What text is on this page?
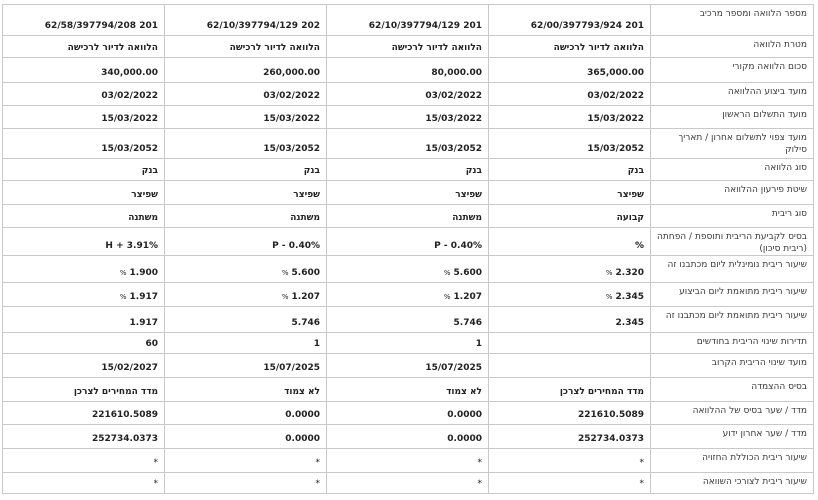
מספר הלוואה ומספר מרכיב	62/00/397793/924 201	62/10/397794/129 201	62/10/397794/129 202	62/58/397794/208 201

מטרת הלוואה	הלוואה לדיור לרכישה	הלוואה לדיור לרכישה	הלוואה לדיור לרכישה	הלוואה לדיור לרכישה

סכום הלוואה מקורי	365,000.00	80,000.00	260,000.00	340,000.00

מועד ביצוע ההלוואה	03/02/2022	03/02/2022	03/02/2022	03/02/2022

מועד התשלום הראשון	15/03/2022	15/03/2022	15/03/2022	15/03/2022

מועד צפוי לתשלום אחרון / תאריך סילוק	15/03/2052	15/03/2052	15/03/2052	15/03/2052

סוג הלוואה	בנק	בנק	בנק	בנק

שיטת פירעון ההלוואה	שפיצר	שפיצר	שפיצר	שפיצר

סוג ריבית	קבועה	משתנה	משתנה	משתנה

בסיס לקביעת הריבית ותוספת / הפחתה (ריבית סיכון)	%	P - 0.40%	P - 0.40%	H + 3.91%

שיעור ריבית נומינלית ליום מכתבנו זה	2.320%	5.600%	5.600%	1.900%

שיעור ריבית מתואמת ליום הביצוע	2.345%	1.207%	1.207%	1.917%

שיעור ריבית מתואמת ליום מכתבנו זה	2.345	5.746	5.746	1.917

תדירות שינוי הריבית בחודשים		1	1	60

מועד שינוי הריבית הקרוב		15/07/2025	15/07/2025	15/02/2027

בסיס ההצמדה	מדד המחירים לצרכן	לא צמוד	לא צמוד	מדד המחירים לצרכן

מדד / שער בסיס של ההלוואה	221610.5089	0.0000	0.0000	221610.5089

מדד / שער אחרון ידוע	252734.0373	0.0000	0.0000	252734.0373

שיעור ריבית הכוללת החזויה	*	*	*	*

שיעור ריבית לצורכי השוואה	*	*	*	*
